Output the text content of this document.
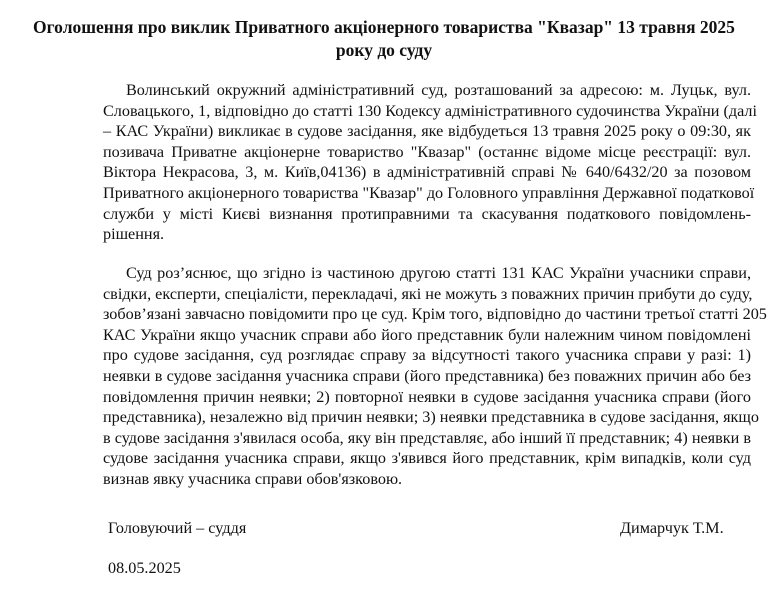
Оголошення про виклик Приватного акціонерного товариства "Квазар" 13 травня 2025
року до суду
Волинський окружний адміністративний суд, розташований за адресою: м. Луцьк, вул.
Словацького, 1, відповідно до статті 130 Кодексу адміністративного судочинства України (далі
– КАС України) викликає в судове засідання, яке відбудеться 13 травня 2025 року о 09:30, як
позивача Приватне акціонерне товариство "Квазар" (останнє відоме місце реєстрації: вул.
Віктора Некрасова, 3, м. Київ,04136) в адміністративній справі № 640/6432/20 за позовом
Приватного акціонерного товариства "Квазар" до Головного управління Державної податкової
служби у місті Києві визнання протиправними та скасування податкового повідомлень-
рішення.
Суд роз’яснює, що згідно із частиною другою статті 131 КАС України учасники справи,
свідки, експерти, спеціалісти, перекладачі, які не можуть з поважних причин прибути до суду,
зобов’язані завчасно повідомити про це суд. Крім того, відповідно до частини третьої статті 205
КАС України якщо учасник справи або його представник були належним чином повідомлені
про судове засідання, суд розглядає справу за відсутності такого учасника справи у разі: 1)
неявки в судове засідання учасника справи (його представника) без поважних причин або без
повідомлення причин неявки; 2) повторної неявки в судове засідання учасника справи (його
представника), незалежно від причин неявки; 3) неявки представника в судове засідання, якщо
в судове засідання з'явилася особа, яку він представляє, або інший її представник; 4) неявки в
судове засідання учасника справи, якщо з'явився його представник, крім випадків, коли суд
визнав явку учасника справи обов'язковою.
Головуючий – суддя	Димарчук Т.М.
08.05.2025
